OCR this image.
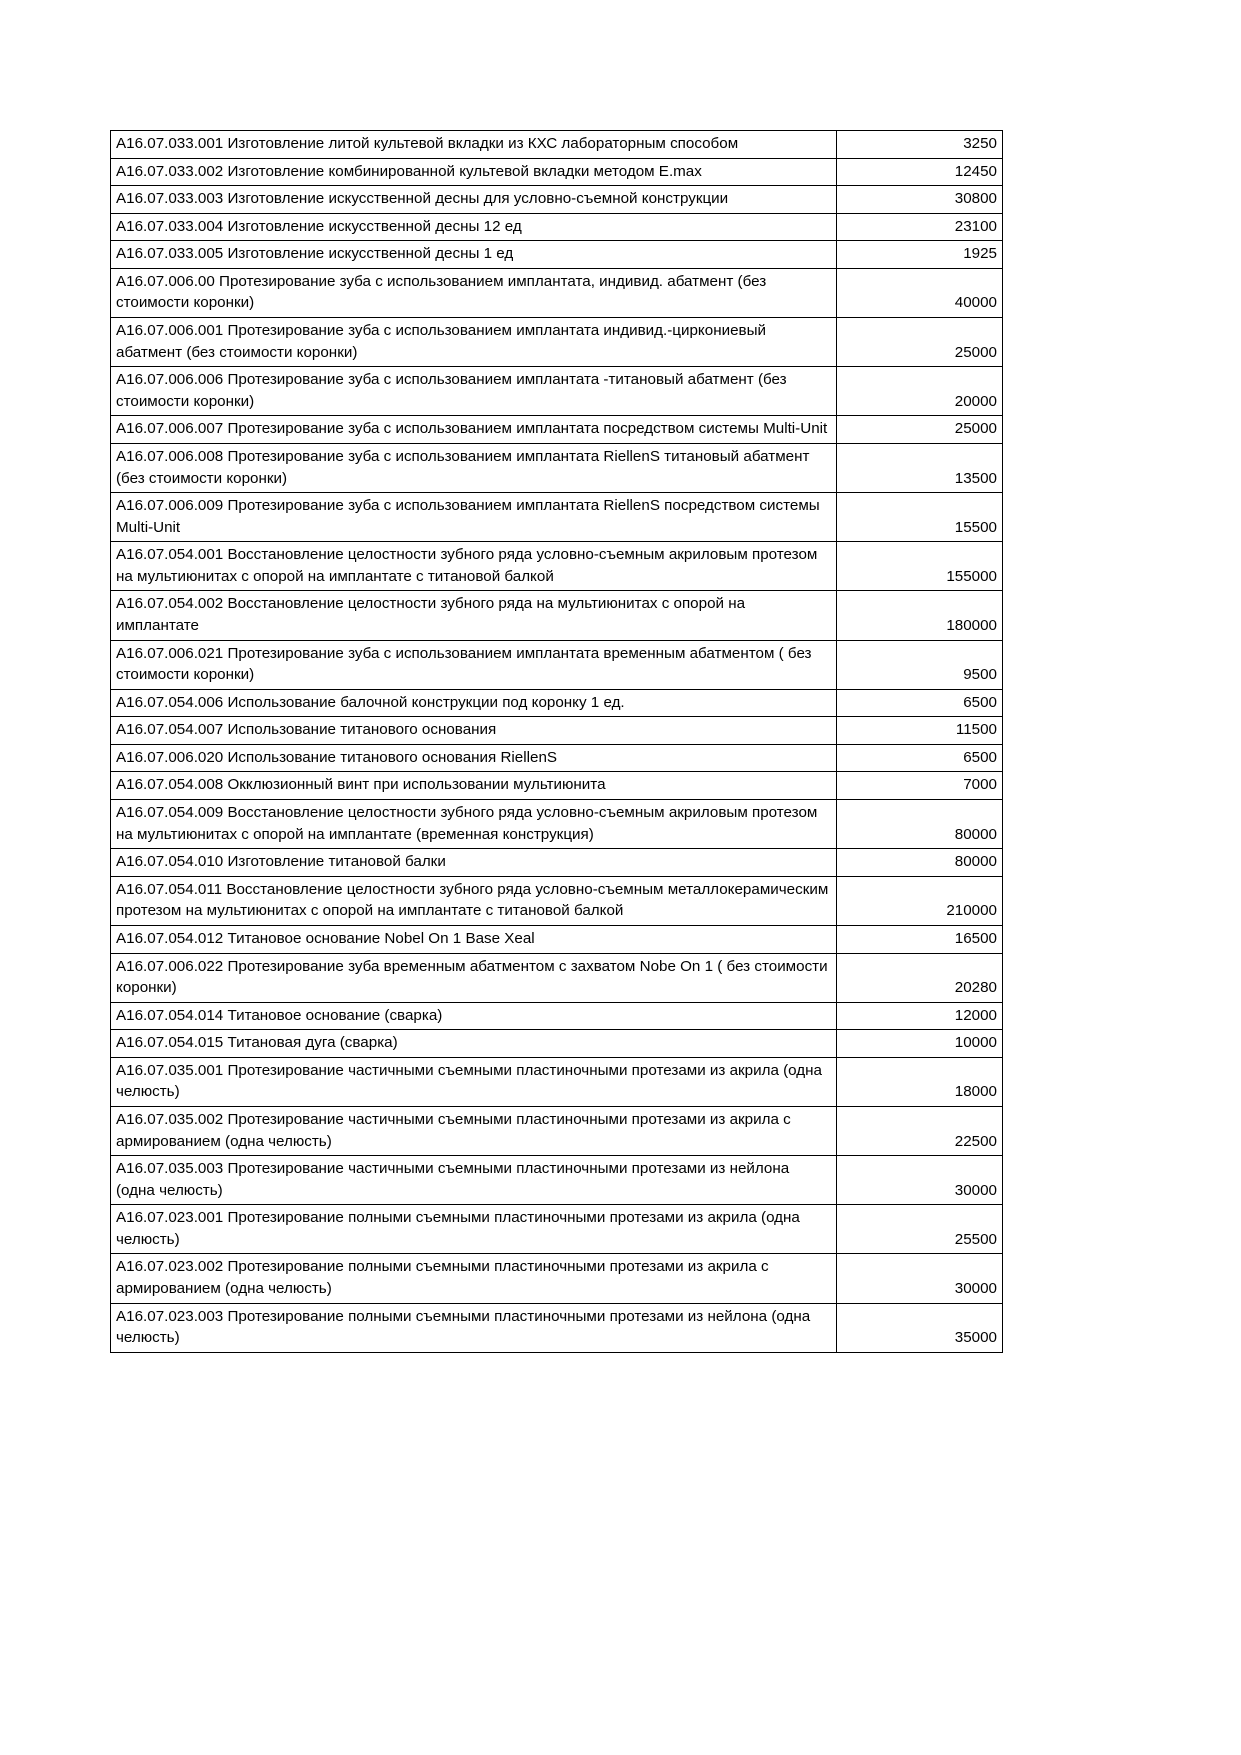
A16.07.033.001 Изготовление литой культевой вкладки из КХС лабораторным способом	3250
A16.07.033.002 Изготовление комбинированной культевой вкладки методом E.max	12450
A16.07.033.003 Изготовление искусственной десны для условно-съемной конструкции	30800
A16.07.033.004 Изготовление искусственной десны 12 ед	23100
A16.07.033.005 Изготовление искусственной десны 1 ед	1925
A16.07.006.00 Протезирование зуба с использованием имплантата, индивид. абатмент (без стоимости коронки)	40000
A16.07.006.001 Протезирование зуба с использованием имплантата индивид.-циркониевый абатмент (без стоимости коронки)	25000
A16.07.006.006 Протезирование зуба с использованием имплантата -титановый абатмент (без стоимости коронки)	20000
A16.07.006.007 Протезирование зуба с использованием имплантата посредством системы Multi-Unit	25000
A16.07.006.008 Протезирование зуба с использованием имплантата RiellenS титановый абатмент (без стоимости коронки)	13500
A16.07.006.009 Протезирование зуба с использованием имплантата RiellenS посредством системы Multi-Unit	15500
A16.07.054.001 Восстановление целостности зубного ряда условно-съемным акриловым протезом на мультиюнитах с опорой на имплантате с титановой балкой	155000
A16.07.054.002 Восстановление целостности зубного ряда на мультиюнитах с опорой на имплантате	180000
A16.07.006.021 Протезирование зуба с использованием имплантата временным абатментом ( без стоимости коронки)	9500
A16.07.054.006 Использование балочной конструкции под коронку 1 ед.	6500
A16.07.054.007 Использование титанового основания	11500
A16.07.006.020 Использование титанового основания RiellenS	6500
A16.07.054.008 Окклюзионный винт при использовании мультиюнита	7000
A16.07.054.009 Восстановление целостности зубного ряда условно-съемным акриловым протезом на мультиюнитах с опорой на имплантате (временная конструкция)	80000
A16.07.054.010 Изготовление титановой балки	80000
A16.07.054.011 Восстановление целостности зубного ряда условно-съемным металлокерамическим протезом на мультиюнитах с опорой на имплантате с титановой балкой	210000
A16.07.054.012 Титановое основание Nobel On 1 Base Xeal	16500
A16.07.006.022 Протезирование зуба временным абатментом с захватом Nobe On 1 ( без стоимости коронки)	20280
A16.07.054.014 Титановое основание (сварка)	12000
A16.07.054.015 Титановая дуга (сварка)	10000
A16.07.035.001 Протезирование частичными съемными пластиночными протезами из акрила (одна челюсть)	18000
A16.07.035.002 Протезирование частичными съемными пластиночными протезами из акрила с армированием (одна челюсть)	22500
A16.07.035.003 Протезирование частичными съемными пластиночными протезами из нейлона (одна челюсть)	30000
A16.07.023.001 Протезирование полными съемными пластиночными протезами из акрила (одна челюсть)	25500
A16.07.023.002 Протезирование полными съемными пластиночными протезами из акрила с армированием (одна челюсть)	30000
A16.07.023.003 Протезирование полными съемными пластиночными протезами из нейлона (одна челюсть)	35000
